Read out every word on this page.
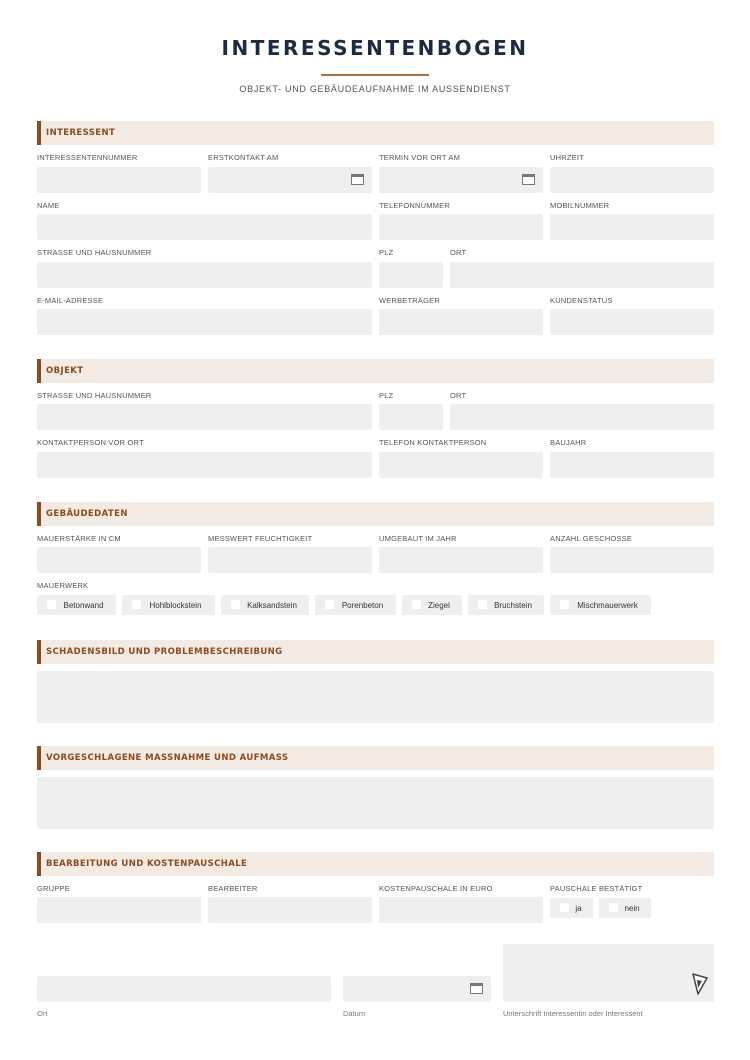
INTERESSENTENBOGEN
OBJEKT- UND GEBÄUDEAUFNAHME IM AUSSENDIENST
INTERESSENT
INTERESSENTENNUMMER	ERSTKONTAKT AM	TERMIN VOR ORT AM	UHRZEIT
NAME	TELEFONNUMMER	MOBILNUMMER
STRASSE UND HAUSNUMMER	PLZ	ORT
E-MAIL-ADRESSE	WERBETRÄGER	KUNDENSTATUS
OBJEKT
STRASSE UND HAUSNUMMER	PLZ	ORT
KONTAKTPERSON VOR ORT	TELEFON KONTAKTPERSON	BAUJAHR
GEBÄUDEDATEN
MAUERSTÄRKE IN CM	MESSWERT FEUCHTIGKEIT	UMGEBAUT IM JAHR	ANZAHL GESCHOSSE
MAUERWERK
Betonwand	Hohlblockstein	Kalksandstein	Porenbeton	Ziegel	Bruchstein	Mischmauerwerk
SCHADENSBILD UND PROBLEMBESCHREIBUNG
VORGESCHLAGENE MASSNAHME UND AUFMASS
BEARBEITUNG UND KOSTENPAUSCHALE
GRUPPE	BEARBEITER	KOSTENPAUSCHALE IN EURO	PAUSCHALE BESTÄTIGT
ja	nein
Ort	Datum	Unterschrift Interessentin oder Interessent
